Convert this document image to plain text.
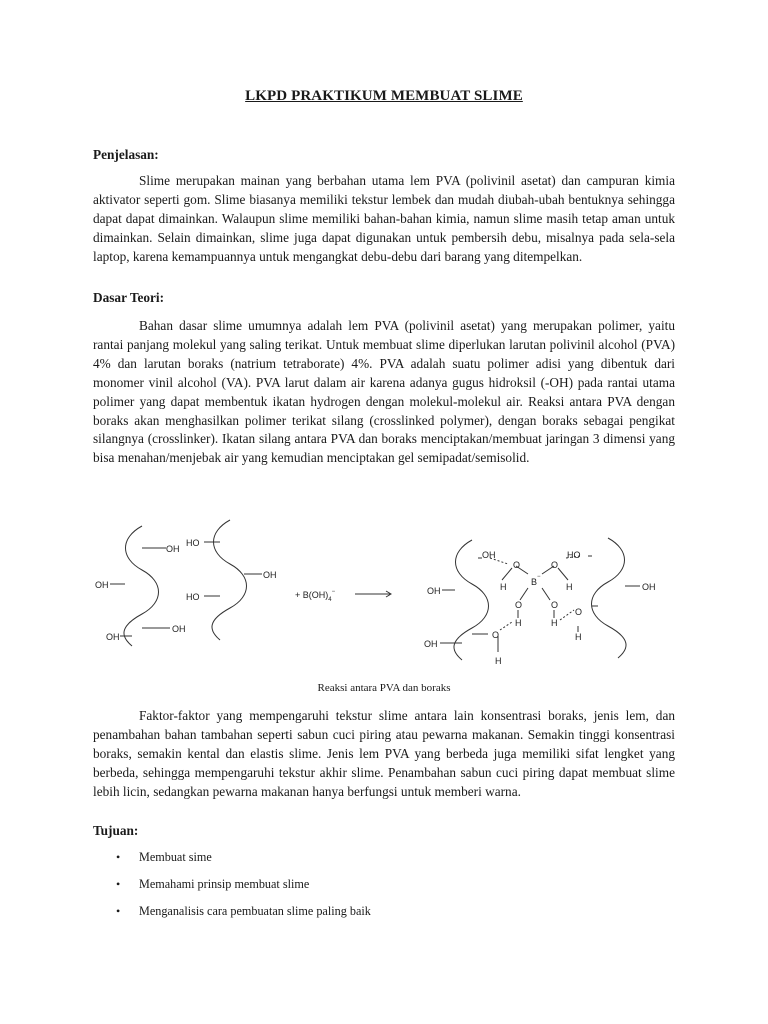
LKPD PRAKTIKUM MEMBUAT SLIME
Penjelasan:

Slime merupakan mainan yang berbahan utama lem PVA (polivinil asetat) dan campuran kimia aktivator seperti gom. Slime biasanya memiliki tekstur lembek dan mudah diubah-ubah bentuknya sehingga dapat dapat dimainkan. Walaupun slime memiliki bahan-bahan kimia, namun slime masih tetap aman untuk dimainkan. Selain dimainkan, slime juga dapat digunakan untuk pembersih debu, misalnya pada sela-sela laptop, karena kemampuannya untuk mengangkat debu-debu dari barang yang ditempelkan.

Dasar Teori:

Bahan dasar slime umumnya adalah lem PVA (polivinil asetat) yang merupakan polimer, yaitu rantai panjang molekul yang saling terikat. Untuk membuat slime diperlukan larutan polivinil alcohol (PVA) 4% dan larutan boraks (natrium tetraborate) 4%. PVA adalah suatu polimer adisi yang dibentuk dari monomer vinil alcohol (VA). PVA larut dalam air karena adanya gugus hidroksil (-OH) pada rantai utama polimer yang dapat membentuk ikatan hydrogen dengan molekul-molekul air. Reaksi antara PVA dengan boraks akan menghasilkan polimer terikat silang (crosslinked polymer), dengan boraks sebagai pengikat silangnya (crosslinker). Ikatan silang antara PVA dan boraks menciptakan/membuat jaringan 3 dimensi yang bisa menahan/menjebak air yang kemudian menciptakan gel semipadat/semisolid.

OH
OH
OH
OH
HO
OH
HO	+ $B(OH)_4^-$
OH	HO
OH	OH
OH
O	O
B −
H	H
O	O
H	H
O
O
H
H
Reaksi antara PVA dan boraks

Faktor-faktor yang mempengaruhi tekstur slime antara lain konsentrasi boraks, jenis lem, dan penambahan bahan tambahan seperti sabun cuci piring atau pewarna makanan. Semakin tinggi konsentrasi boraks, semakin kental dan elastis slime. Jenis lem PVA yang berbeda juga memiliki sifat lengket yang berbeda, sehingga mempengaruhi tekstur akhir slime. Penambahan sabun cuci piring dapat membuat slime lebih licin, sedangkan pewarna makanan hanya berfungsi untuk memberi warna.

Tujuan:
• Membuat sime
• Memahami prinsip membuat slime
• Menganalisis cara pembuatan slime paling baik
